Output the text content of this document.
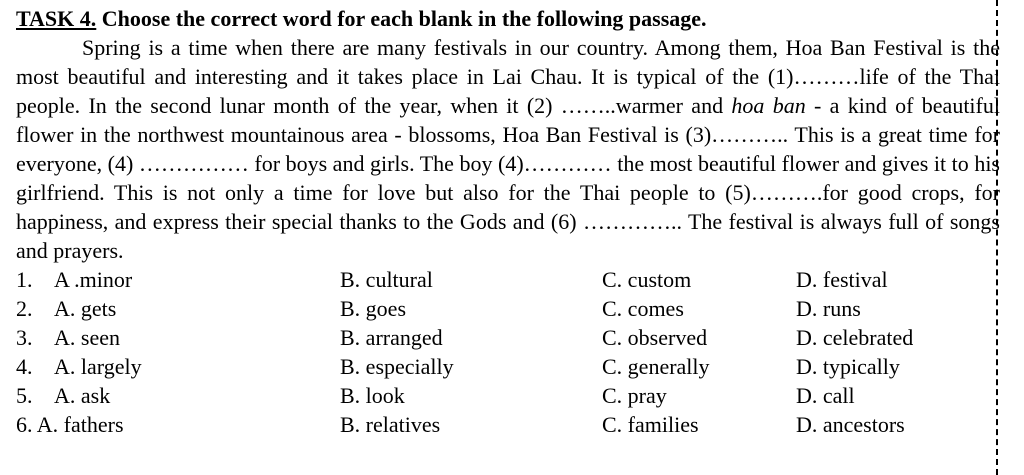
TASK 4. Choose the correct word for each blank in the following passage.

Spring is a time when there are many festivals in our country. Among them, Hoa Ban Festival is the most beautiful and interesting and it takes place in Lai Chau. It is typical of the (1)………life of the Thai people. In the second lunar month of the year, when it (2) ……..warmer and hoa ban - a kind of beautiful flower in the northwest mountainous area - blossoms, Hoa Ban Festival is (3)……….. This is a great time for everyone, (4) …………… for boys and girls. The boy (4)………… the most beautiful flower and gives it to his girlfriend. This is not only a time for love but also for the Thai people to (5)……….for good crops, for happiness, and express their special thanks to the Gods and (6) ………….. The festival is always full of songs and prayers.

1. A .minor	B. cultural	C. custom	D. festival
2. A. gets	B. goes	C. comes	D. runs
3. A. seen	B. arranged	C. observed	D. celebrated
4. A. largely	B. especially	C. generally	D. typically
5. A. ask	B. look	C. pray	D. call
6. A. fathers	B. relatives	C. families	D. ancestors
